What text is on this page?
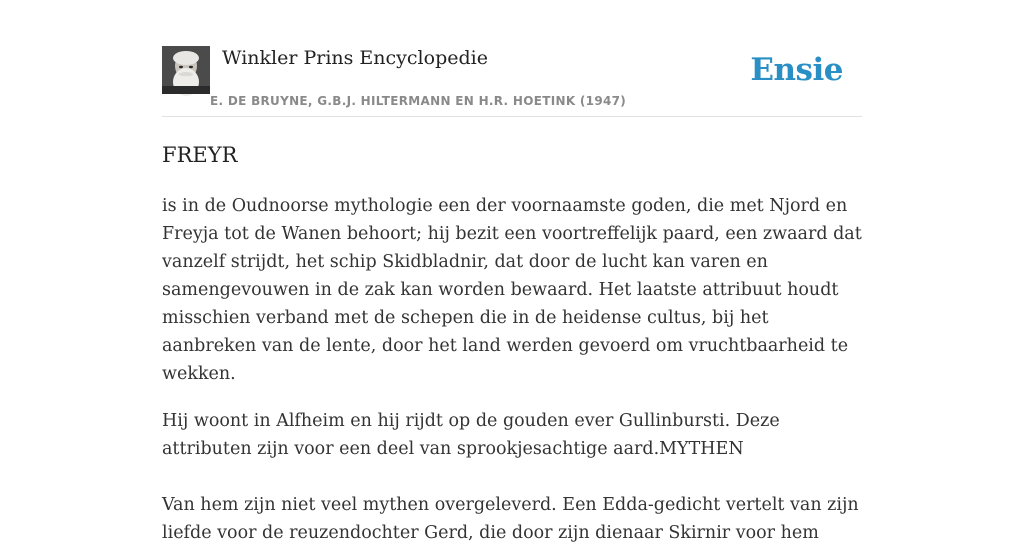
Winkler Prins Encyclopedie
E. DE BRUYNE, G.B.J. HILTERMANN EN H.R. HOETINK (1947)
Ensie
FREYR

is in de Oudnoorse mythologie een der voornaamste goden, die met Njord en Freyja tot de Wanen behoort; hij bezit een voortreffelijk paard, een zwaard dat vanzelf strijdt, het schip Skidbladnir, dat door de lucht kan varen en samengevouwen in de zak kan worden bewaard. Het laatste attribuut houdt misschien verband met de schepen die in de heidense cultus, bij het aanbreken van de lente, door het land werden gevoerd om vruchtbaarheid te wekken.

Hij woont in Alfheim en hij rijdt op de gouden ever Gullinbursti. Deze attributen zijn voor een deel van sprookjesachtige aard.MYTHEN

Van hem zijn niet veel mythen overgeleverd. Een Edda-gedicht vertelt van zijn liefde voor de reuzendochter Gerd, die door zijn dienaar Skirnir voor hem
